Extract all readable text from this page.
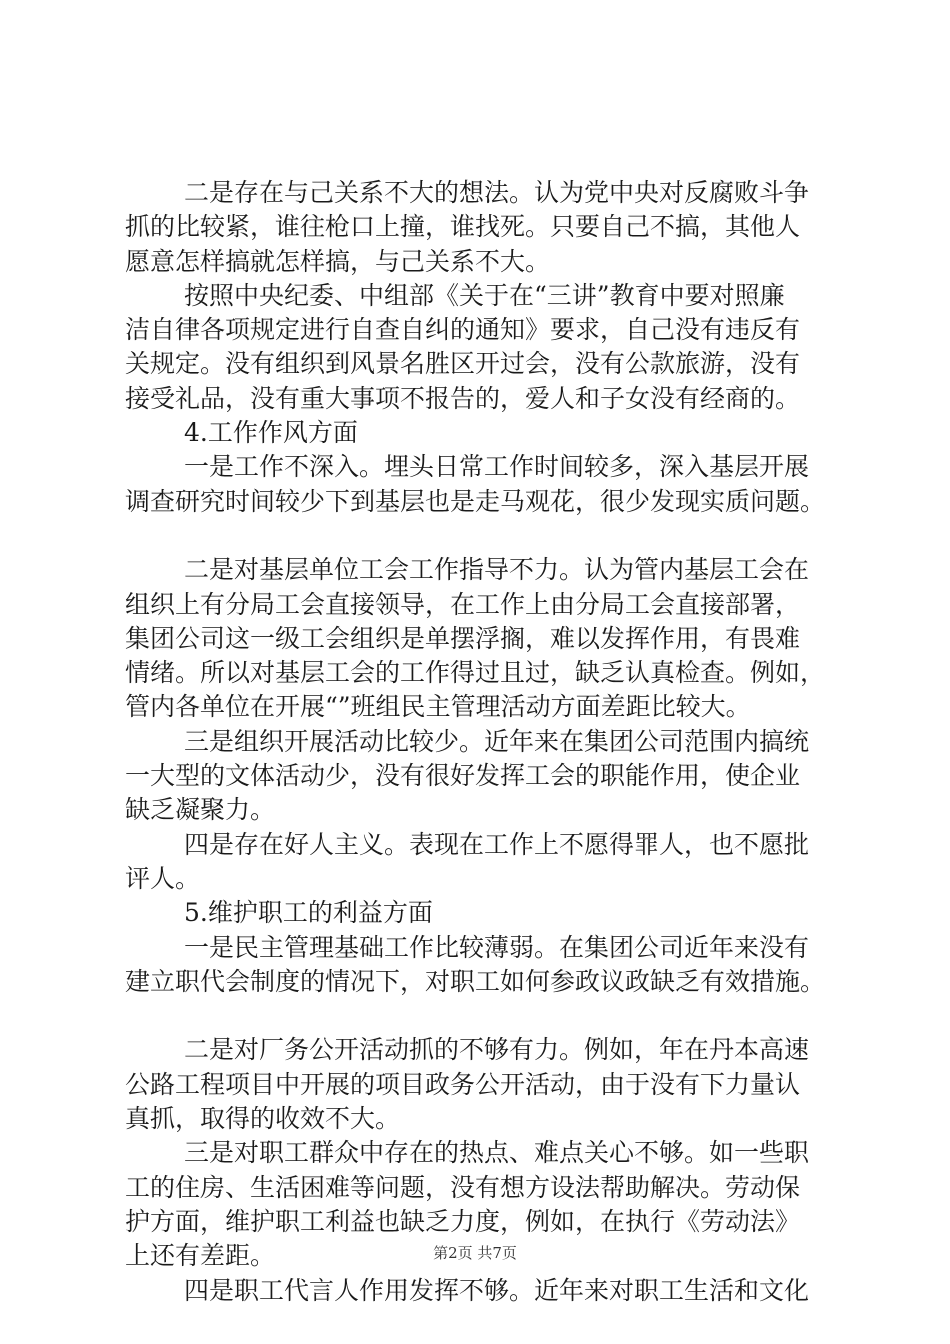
二是存在与己关系不大的想法。认为党中央对反腐败斗争
抓的比较紧，谁往枪口上撞，谁找死。只要自己不搞，其他人
愿意怎样搞就怎样搞，与己关系不大。
按照中央纪委、中组部《关于在“三讲”教育中要对照廉
洁自律各项规定进行自查自纠的通知》要求，自己没有违反有
关规定。没有组织到风景名胜区开过会，没有公款旅游，没有
接受礼品，没有重大事项不报告的，爱人和子女没有经商的。
4.工作作风方面
一是工作不深入。埋头日常工作时间较多，深入基层开展
调查研究时间较少下到基层也是走马观花，很少发现实质问题。
二是对基层单位工会工作指导不力。认为管内基层工会在
组织上有分局工会直接领导，在工作上由分局工会直接部署，
集团公司这一级工会组织是单摆浮搁，难以发挥作用，有畏难
情绪。所以对基层工会的工作得过且过，缺乏认真检查。例如，
管内各单位在开展“”班组民主管理活动方面差距比较大。
三是组织开展活动比较少。近年来在集团公司范围内搞统
一大型的文体活动少，没有很好发挥工会的职能作用，使企业
缺乏凝聚力。
四是存在好人主义。表现在工作上不愿得罪人，也不愿批
评人。
5.维护职工的利益方面
一是民主管理基础工作比较薄弱。在集团公司近年来没有
建立职代会制度的情况下，对职工如何参政议政缺乏有效措施。
二是对厂务公开活动抓的不够有力。例如，年在丹本高速
公路工程项目中开展的项目政务公开活动，由于没有下力量认
真抓，取得的收效不大。
三是对职工群众中存在的热点、难点关心不够。如一些职
工的住房、生活困难等问题，没有想方设法帮助解决。劳动保
护方面，维护职工利益也缺乏力度，例如，在执行《劳动法》
上还有差距。
四是职工代言人作用发挥不够。近年来对职工生活和文化
第2页 共7页
